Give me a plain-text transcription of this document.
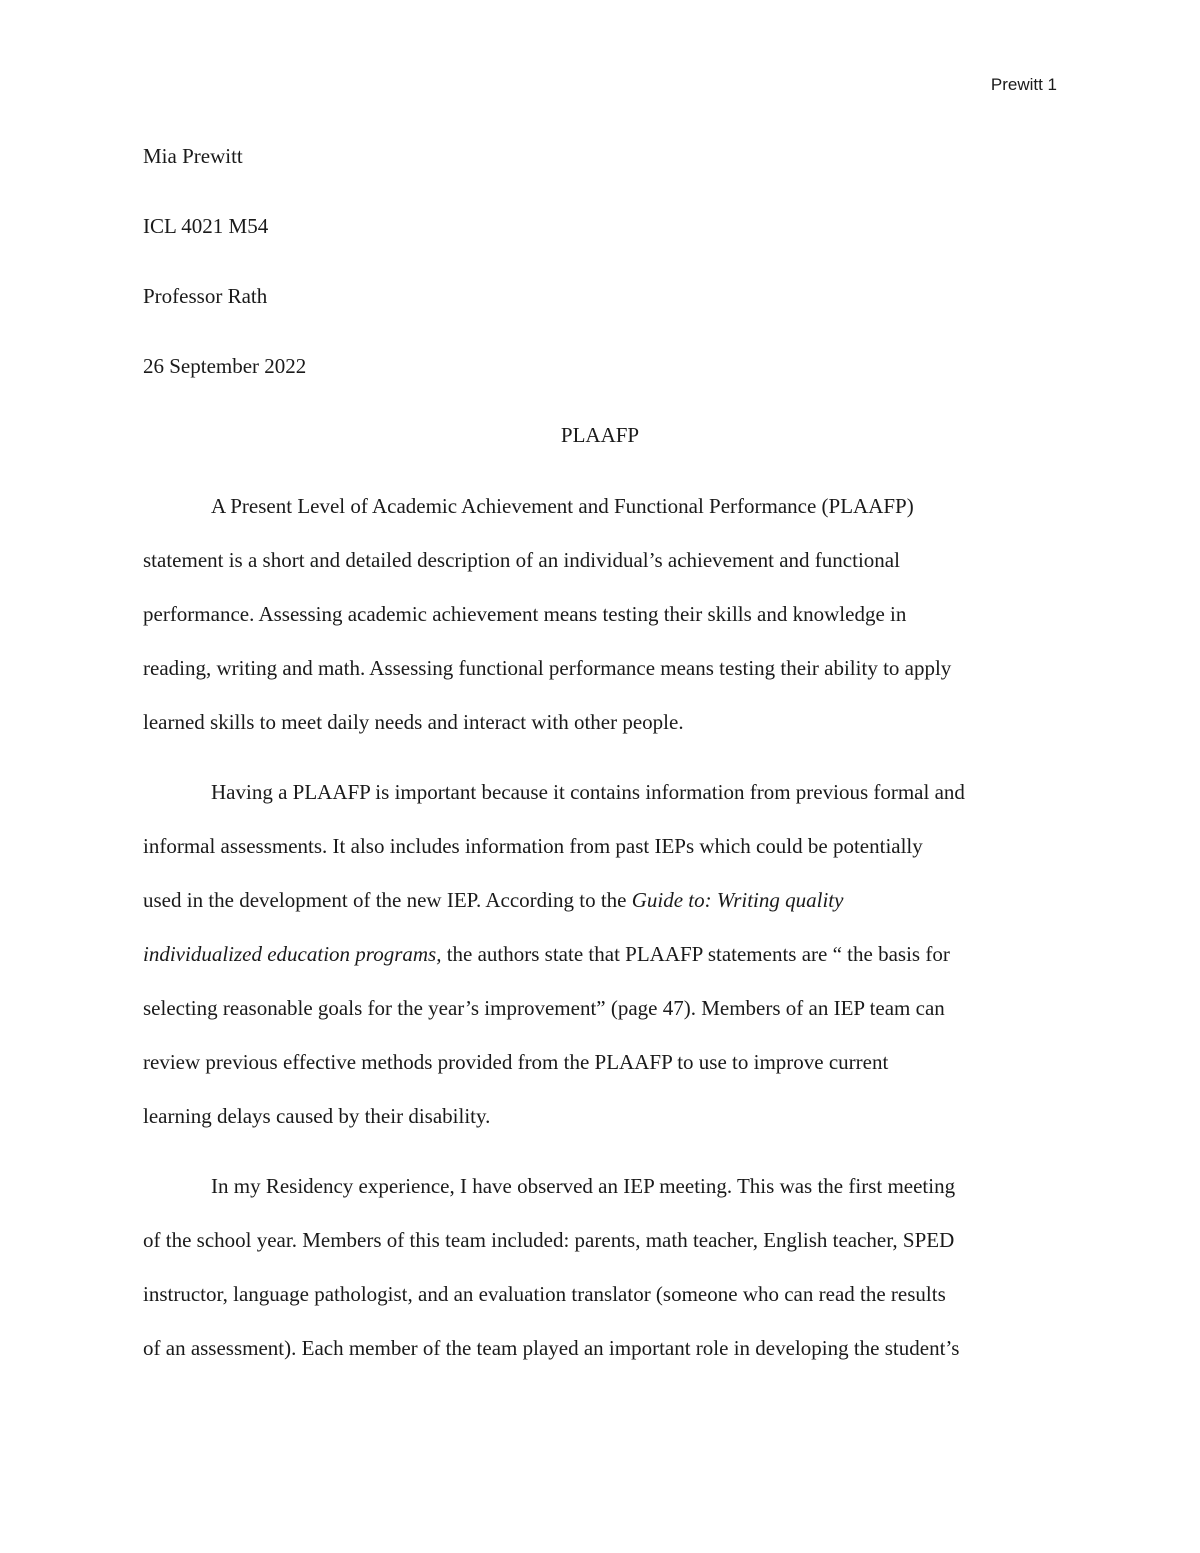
Prewitt 1
Mia Prewitt
ICL 4021 M54
Professor Rath
26 September 2022
PLAAFP
A Present Level of Academic Achievement and Functional Performance (PLAAFP)
statement is a short and detailed description of an individual’s achievement and functional
performance. Assessing academic achievement means testing their skills and knowledge in
reading, writing and math. Assessing functional performance means testing their ability to apply
learned skills to meet daily needs and interact with other people.
Having a PLAAFP is important because it contains information from previous formal and
informal assessments. It also includes information from past IEPs which could be potentially
used in the development of the new IEP. According to the Guide to: Writing quality
individualized education programs, the authors state that PLAAFP statements are “ the basis for
selecting reasonable goals for the year’s improvement” (page 47). Members of an IEP team can
review previous effective methods provided from the PLAAFP to use to improve current
learning delays caused by their disability.
In my Residency experience, I have observed an IEP meeting. This was the first meeting
of the school year. Members of this team included: parents, math teacher, English teacher, SPED
instructor, language pathologist, and an evaluation translator (someone who can read the results
of an assessment). Each member of the team played an important role in developing the student’s
